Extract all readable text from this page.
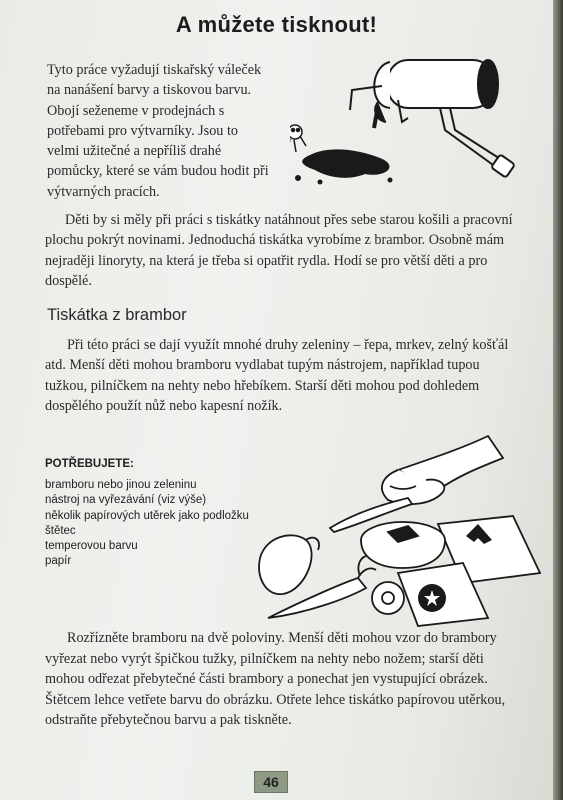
A můžete tisknout!

Tyto práce vyžadují tiskařský váleček na nanášení barvy a tiskovou barvu. Obojí seženeme v prodejnách s potřebami pro výtvarníky. Jsou to velmi užitečné a nepříliš drahé pomůcky, které se vám budou hodit při výtvarných pracích.

Děti by si měly při práci s tiskátky natáhnout přes sebe starou košili a pracovní plochu pokrýt novinami. Jednoduchá tiskátka vyrobíme z brambor. Osobně mám nejraději linoryty, na která je třeba si opatřit rydla. Hodí se pro větší děti a pro dospělé.

Tiskátka z brambor

Při této práci se dají využít mnohé druhy zeleniny – řepa, mrkev, zelný košťál atd. Menší děti mohou bramboru vydlabat tupým nástrojem, například tupou tužkou, pilníčkem na nehty nebo hřebíkem. Starší děti mohou pod dohledem dospělého použít nůž nebo kapesní nožík.

POTŘEBUJETE:
bramboru nebo jinou zeleninu
nástroj na vyřezávání (viz výše)
několik papírových utěrek jako podložku
štětec
temperovou barvu
papír

Rozřízněte bramboru na dvě poloviny. Menší děti mohou vzor do brambory vyřezat nebo vyrýt špičkou tužky, pilníčkem na nehty nebo nožem; starší děti mohou odřezat přebytečné části brambory a ponechat jen vystupující obrázek. Štětcem lehce vetřete barvu do obrázku. Otřete lehce tiskátko papírovou utěrkou, odstraňte přebytečnou barvu a pak tiskněte.

46
